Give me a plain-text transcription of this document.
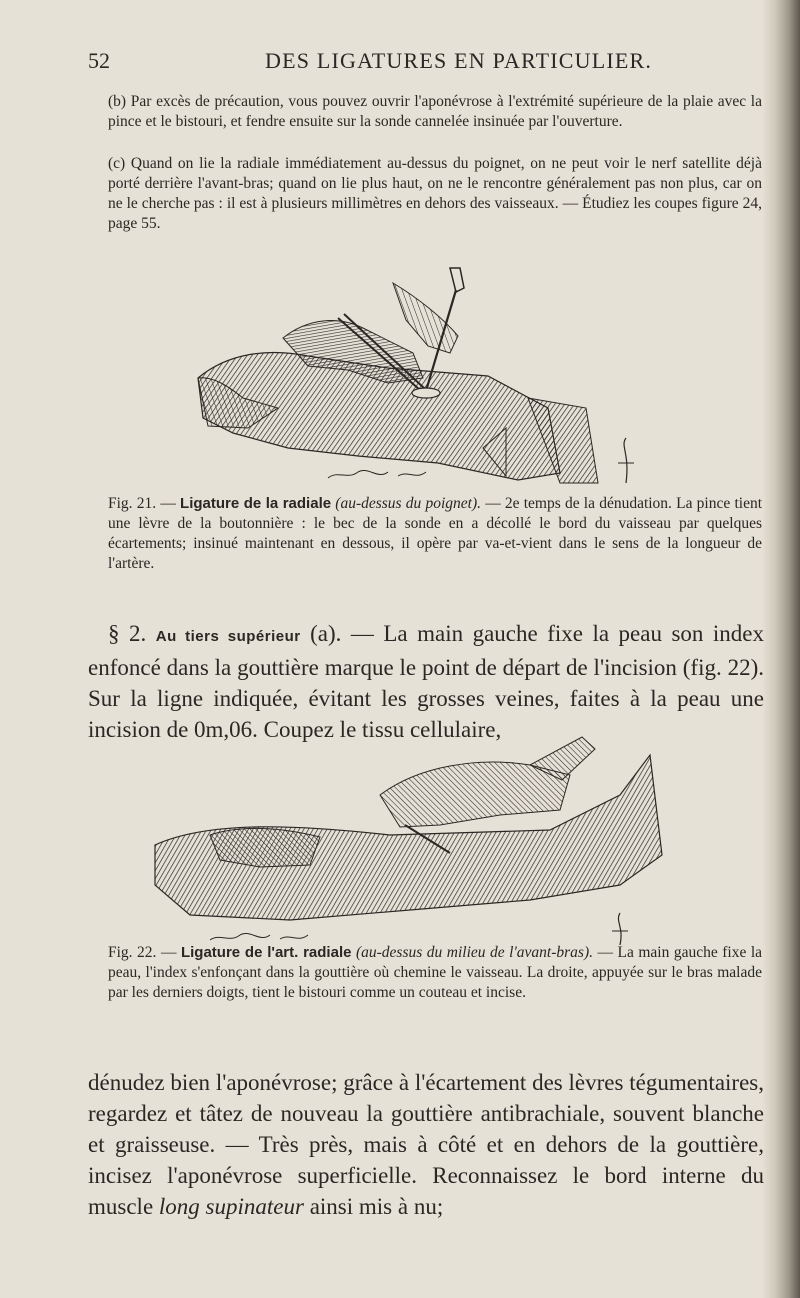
52	DES LIGATURES EN PARTICULIER.

(b) Par excès de précaution, vous pouvez ouvrir l'aponévrose à l'extrémité supérieure de la plaie avec la pince et le bistouri, et fendre ensuite sur la sonde cannelée insinuée par l'ouverture.

(c) Quand on lie la radiale immédiatement au-dessus du poignet, on ne peut voir le nerf satellite déjà porté derrière l'avant-bras; quand on lie plus haut, on ne le rencontre généralement pas non plus, car on ne le cherche pas : il est à plusieurs millimètres en dehors des vaisseaux. — Étudiez les coupes figure 24, page 55.

Fig. 21. — Ligature de la radiale (au-dessus du poignet). — 2e temps de la dénudation. La pince tient une lèvre de la boutonnière : le bec de la sonde en a décollé le bord du vaisseau par quelques écartements; insinué maintenant en dessous, il opère par va-et-vient dans le sens de la longueur de l'artère.

§ 2. Au tiers supérieur (a). — La main gauche fixe la peau son index enfoncé dans la gouttière marque le point de départ de l'incision (fig. 22). Sur la ligne indiquée, évitant les grosses veines, faites à la peau une incision de 0m,06. Coupez le tissu cellulaire,

Fig. 22. — Ligature de l'art. radiale (au-dessus du milieu de l'avant-bras). — La main gauche fixe la peau, l'index s'enfonçant dans la gouttière où chemine le vaisseau. La droite, appuyée sur le bras malade par les derniers doigts, tient le bistouri comme un couteau et incise.

dénudez bien l'aponévrose; grâce à l'écartement des lèvres tégumentaires, regardez et tâtez de nouveau la gouttière antibrachiale, souvent blanche et graisseuse. — Très près, mais à côté et en dehors de la gouttière, incisez l'aponévrose superficielle. Reconnaissez le bord interne du muscle long supinateur ainsi mis à nu;
